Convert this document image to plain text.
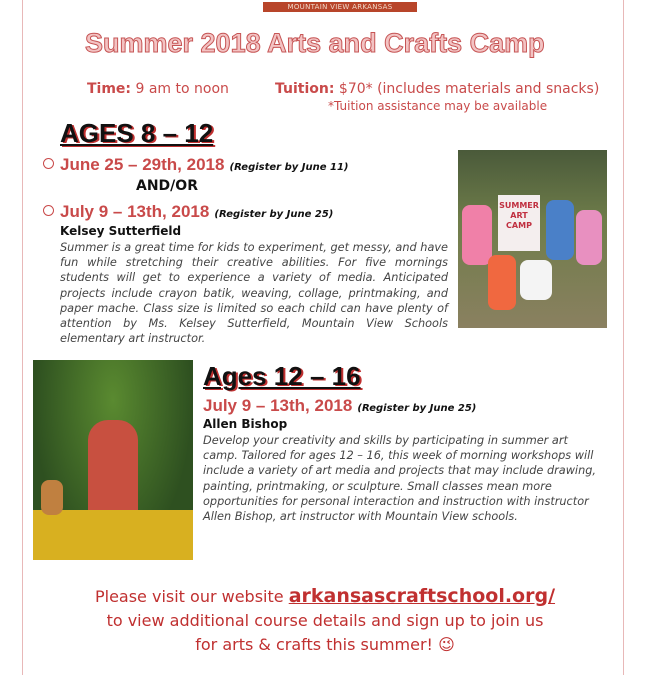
MOUNTAIN VIEW ARKANSAS
Summer 2018 Arts and Crafts Camp
Time: 9 am to noon	Tuition: $70* (includes materials and snacks)
*Tuition assistance may be available
AGES 8 – 12
June 25 – 29th, 2018 (Register by June 11)
AND/OR
July 9 – 13th, 2018 (Register by June 25)
Kelsey Sutterfield
Summer is a great time for kids to experiment, get messy, and have fun while stretching their creative abilities. For five mornings students will get to experience a variety of media. Anticipated projects include crayon batik, weaving, collage, printmaking, and paper mache. Class size is limited so each child can have plenty of attention by Ms. Kelsey Sutterfield, Mountain View Schools elementary art instructor.
SUMMER ART CAMP
Ages 12 – 16
July 9 – 13th, 2018 (Register by June 25)
Allen Bishop
Develop your creativity and skills by participating in summer art camp. Tailored for ages 12 – 16, this week of morning workshops will include a variety of art media and projects that may include drawing, painting, printmaking, or sculpture. Small classes mean more opportunities for personal interaction and instruction with instructor Allen Bishop, art instructor with Mountain View schools.
Please visit our website arkansascraftschool.org/
to view additional course details and sign up to join us
for arts & crafts this summer! 😉
